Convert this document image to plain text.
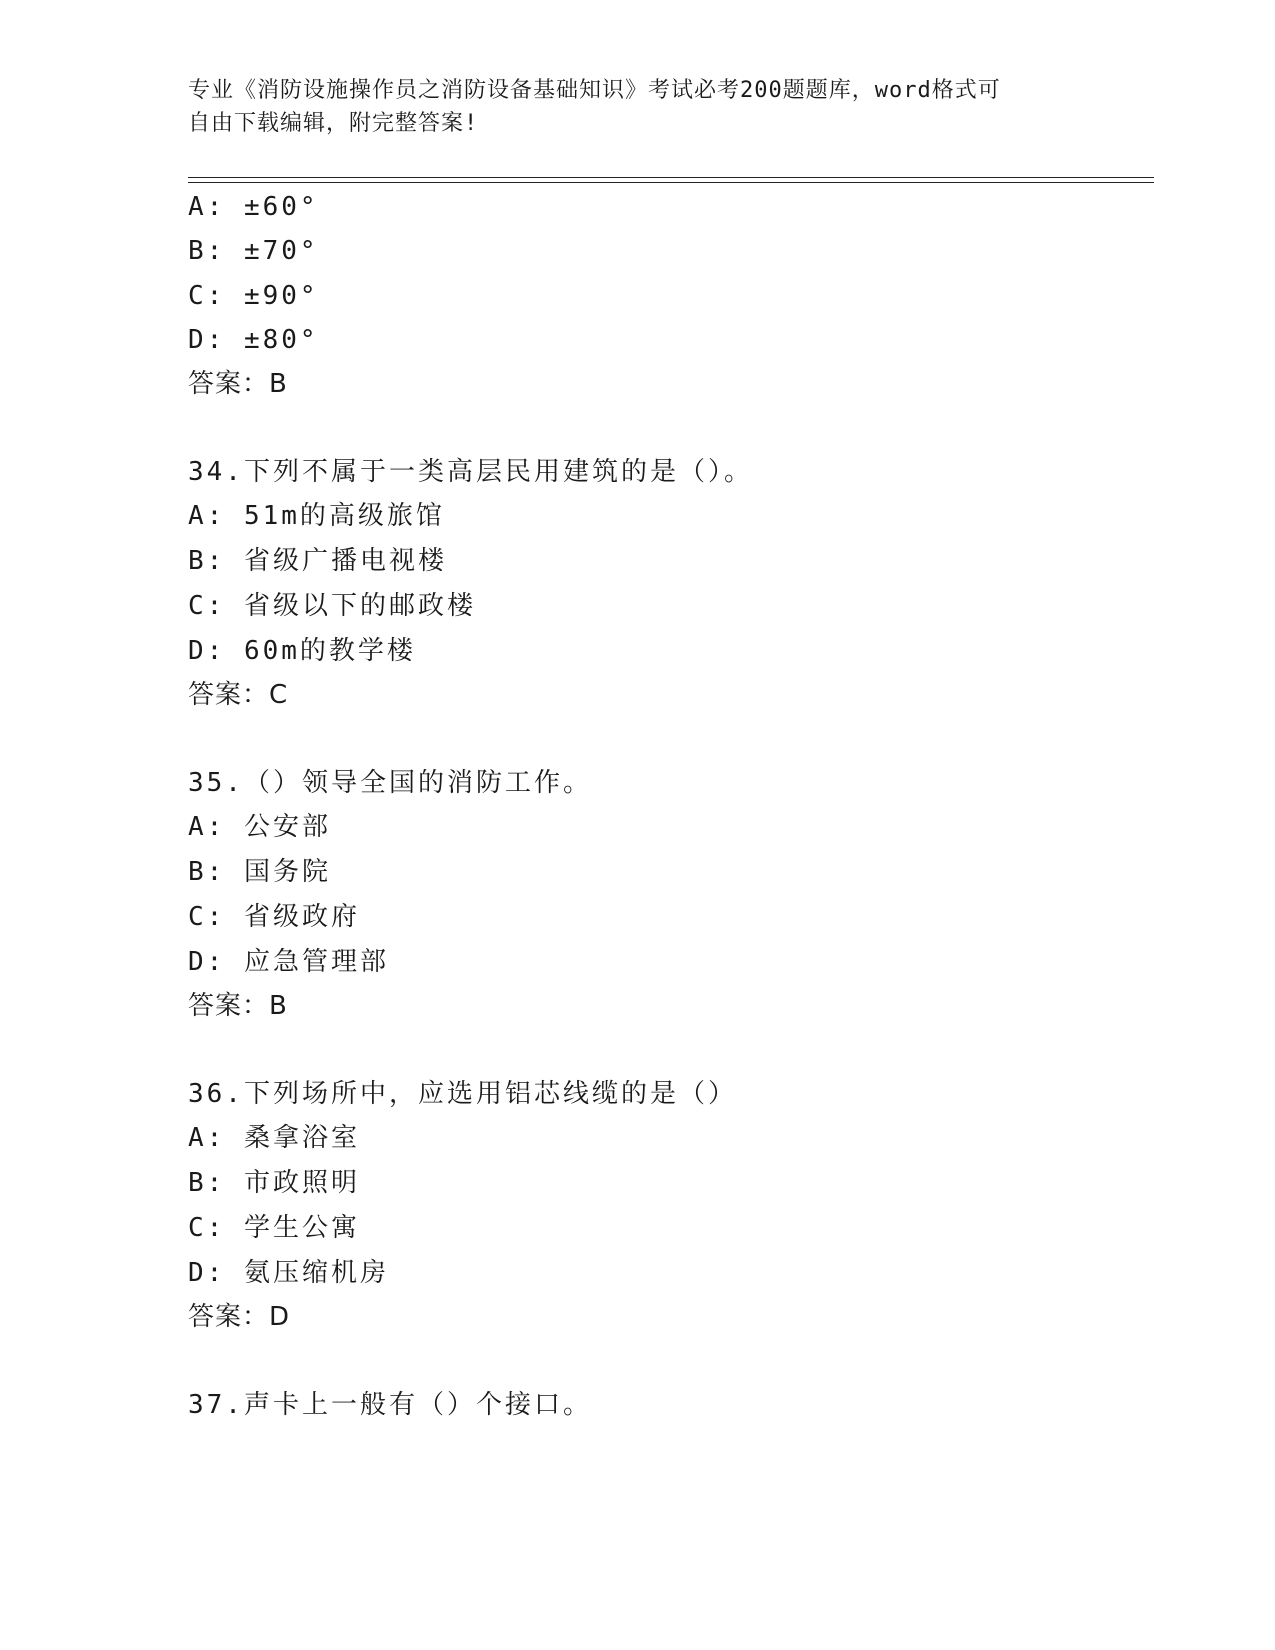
专业《消防设施操作员之消防设备基础知识》考试必考200题题库，word格式可
自由下载编辑，附完整答案!
A: ±60°
B: ±70°
C: ±90°
D: ±80°
答案：B
34.下列不属于一类高层民用建筑的是（）。
A: 51m的高级旅馆
B: 省级广播电视楼
C: 省级以下的邮政楼
D: 60m的教学楼
答案：C
35.（）领导全国的消防工作。
A: 公安部
B: 国务院
C: 省级政府
D: 应急管理部
答案：B
36.下列场所中，应选用铝芯线缆的是（）
A: 桑拿浴室
B: 市政照明
C: 学生公寓
D: 氨压缩机房
答案：D
37.声卡上一般有（）个接口。
